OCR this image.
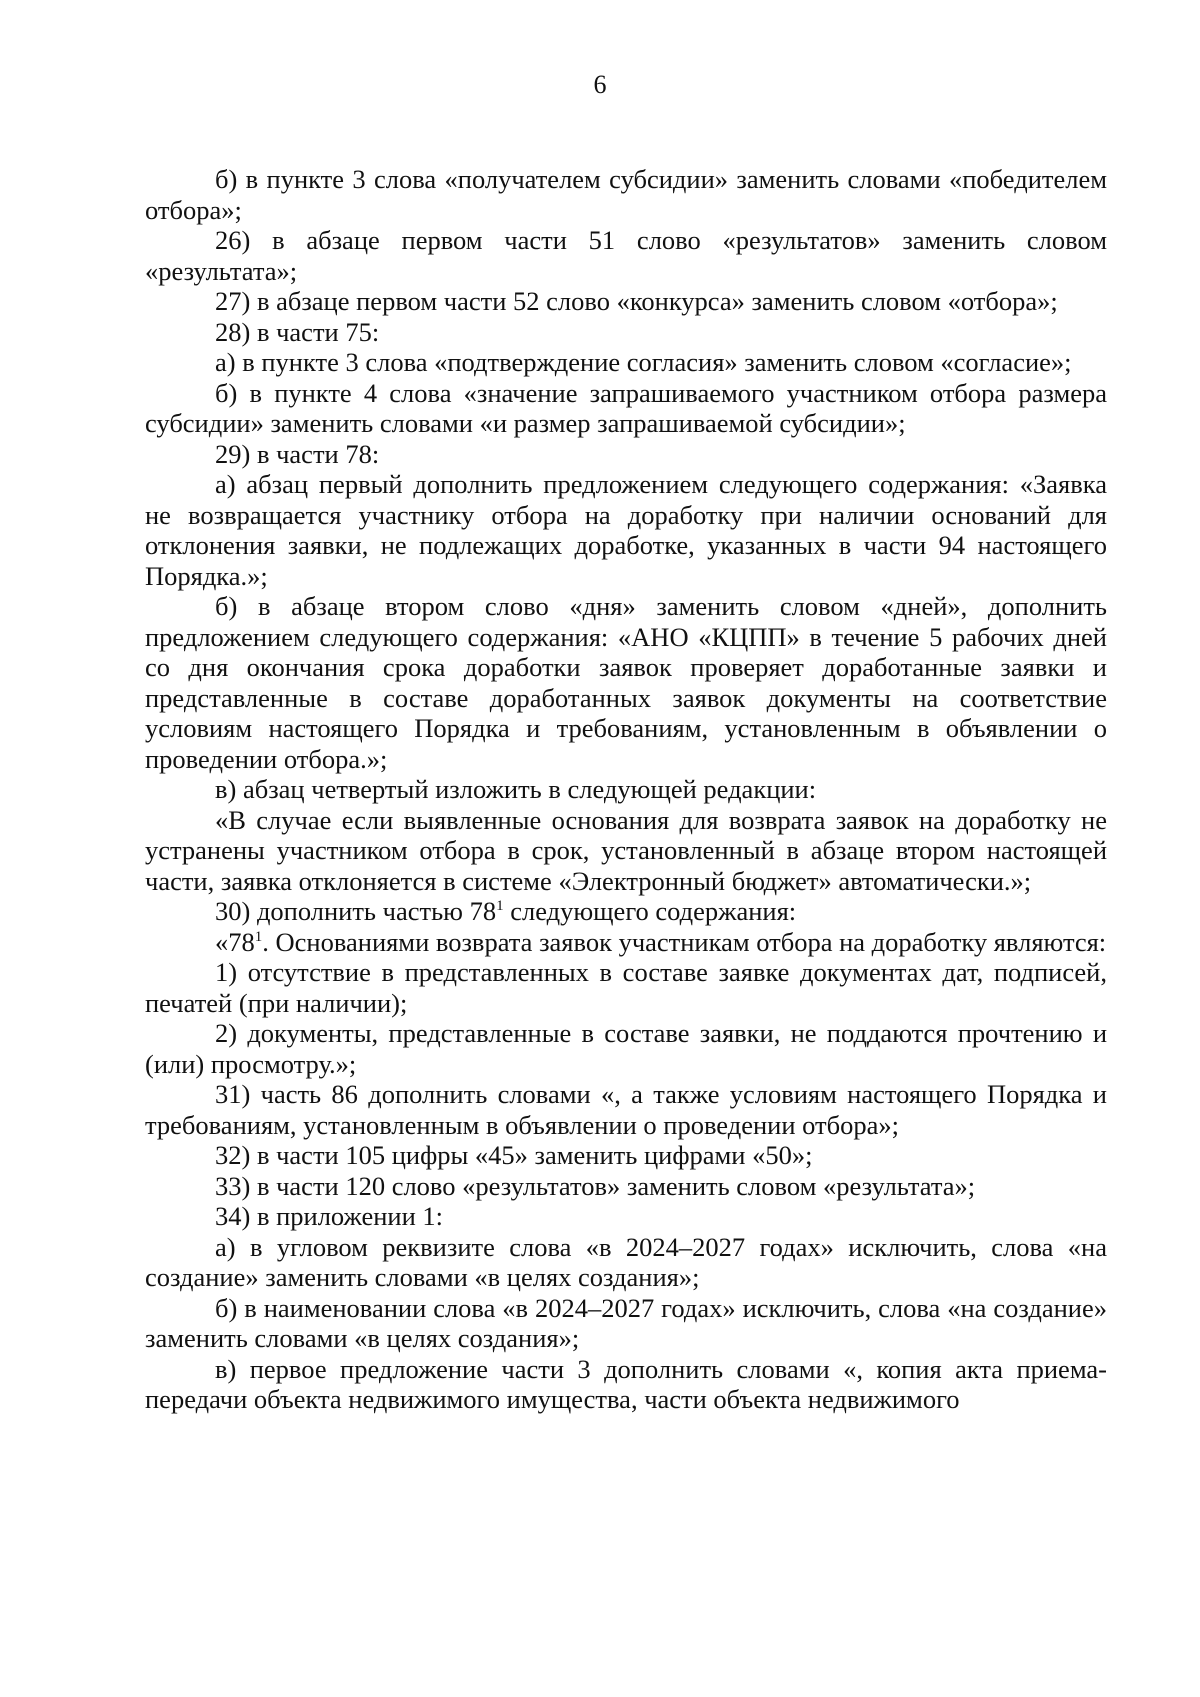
6

б) в пункте 3 слова «получателем субсидии» заменить словами «победителем отбора»;

26) в абзаце первом части 51 слово «результатов» заменить словом «результата»;

27) в абзаце первом части 52 слово «конкурса» заменить словом «отбора»;

28) в части 75:

а) в пункте 3 слова «подтверждение согласия» заменить словом «согласие»;

б) в пункте 4 слова «значение запрашиваемого участником отбора размера субсидии» заменить словами «и размер запрашиваемой субсидии»;

29) в части 78:

а) абзац первый дополнить предложением следующего содержания: «Заявка не возвращается участнику отбора на доработку при наличии оснований для отклонения заявки, не подлежащих доработке, указанных в части 94 настоящего Порядка.»;

б) в абзаце втором слово «дня» заменить словом «дней», дополнить предложением следующего содержания: «АНО «КЦПП» в течение 5 рабочих дней со дня окончания срока доработки заявок проверяет доработанные заявки и представленные в составе доработанных заявок документы на соответствие условиям настоящего Порядка и требованиям, установленным в объявлении о проведении отбора.»;

в) абзац четвертый изложить в следующей редакции:

«В случае если выявленные основания для возврата заявок на доработку не устранены участником отбора в срок, установленный в абзаце втором настоящей части, заявка отклоняется в системе «Электронный бюджет» автоматически.»;

30) дополнить частью $78^1$ следующего содержания:

«$78^1$. Основаниями возврата заявок участникам отбора на доработку являются:

1) отсутствие в представленных в составе заявке документах дат, подписей, печатей (при наличии);

2) документы, представленные в составе заявки, не поддаются прочтению и (или) просмотру.»;

31) часть 86 дополнить словами «, а также условиям настоящего Порядка и требованиям, установленным в объявлении о проведении отбора»;

32) в части 105 цифры «45» заменить цифрами «50»;

33) в части 120 слово «результатов» заменить словом «результата»;

34) в приложении 1:

а) в угловом реквизите слова «в 2024–2027 годах» исключить, слова «на создание» заменить словами «в целях создания»;

б) в наименовании слова «в 2024–2027 годах» исключить, слова «на создание» заменить словами «в целях создания»;

в) первое предложение части 3 дополнить словами «, копия акта приема-передачи объекта недвижимого имущества, части объекта недвижимого
